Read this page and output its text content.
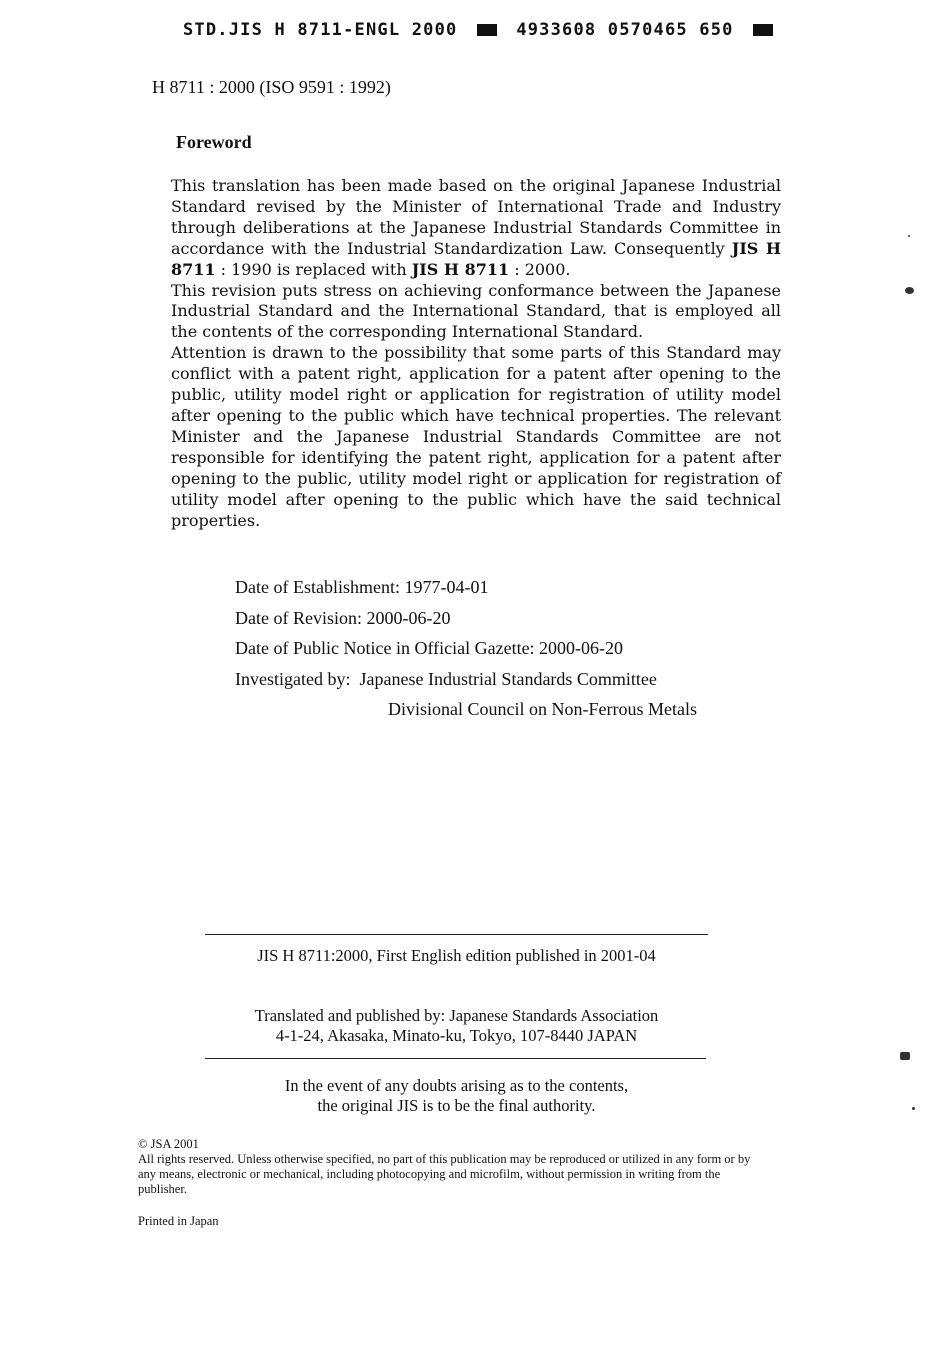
STD.JIS H 8711-ENGL 2000	4933608 0570465 650
H 8711 : 2000 (ISO 9591 : 1992)
Foreword

This translation has been made based on the original Japanese Industrial Standard revised by the Minister of International Trade and Industry through deliberations at the Japanese Industrial Standards Committee in accordance with the Industrial Standardization Law. Consequently JIS H 8711 : 1990 is replaced with JIS H 8711 : 2000.

This revision puts stress on achieving conformance between the Japanese Industrial Standard and the International Standard, that is employed all the contents of the corresponding International Standard.

Attention is drawn to the possibility that some parts of this Standard may conflict with a patent right, application for a patent after opening to the public, utility model right or application for registration of utility model after opening to the public which have technical properties. The relevant Minister and the Japanese Industrial Standards Committee are not responsible for identifying the patent right, application for a patent after opening to the public, utility model right or application for registration of utility model after opening to the public which have the said technical properties.

Date of Establishment: 1977-04-01
Date of Revision: 2000-06-20
Date of Public Notice in Official Gazette: 2000-06-20
Investigated by: Japanese Industrial Standards Committee
Divisional Council on Non-Ferrous Metals
JIS H 8711:2000, First English edition published in 2001-04
Translated and published by: Japanese Standards Association
4-1-24, Akasaka, Minato-ku, Tokyo, 107-8440 JAPAN
In the event of any doubts arising as to the contents,
the original JIS is to be the final authority.
© JSA 2001
All rights reserved. Unless otherwise specified, no part of this publication may be reproduced or utilized in any form or by any means, electronic or mechanical, including photocopying and microfilm, without permission in writing from the publisher.
Printed in Japan
